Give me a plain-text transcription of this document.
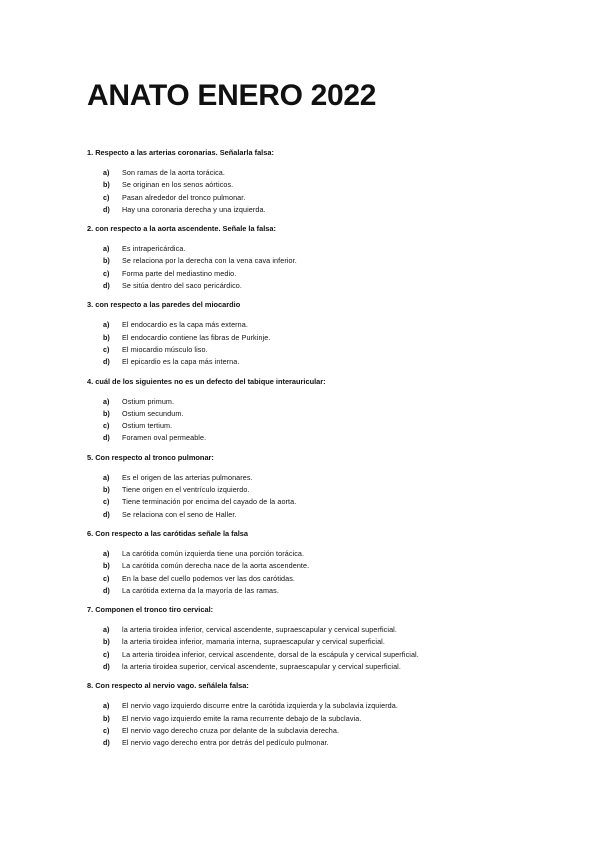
ANATO ENERO 2022
1. Respecto a las arterias coronarias. Señalarla falsa:
a) Son ramas de la aorta torácica.
b) Se originan en los senos aórticos.
c) Pasan alrededor del tronco pulmonar.
d) Hay una coronaria derecha y una izquierda.
2. con respecto a la aorta ascendente. Señale la falsa:
a) Es intrapericárdica.
b) Se relaciona por la derecha con la vena cava inferior.
c) Forma parte del mediastino medio.
d) Se sitúa dentro del saco pericárdico.
3. con respecto a las paredes del miocardio
a) El endocardio es la capa más externa.
b) El endocardio contiene las fibras de Purkinje.
c) El miocardio músculo liso.
d) El epicardio es la capa más interna.
4. cuál de los siguientes no es un defecto del tabique interauricular:
a) Ostium primum.
b) Ostium secundum.
c) Ostium tertium.
d) Foramen oval permeable.
5. Con respecto al tronco pulmonar:
a) Es el origen de las arterias pulmonares.
b) Tiene origen en el ventrículo izquierdo.
c) Tiene terminación por encima del cayado de la aorta.
d) Se relaciona con el seno de Haller.
6. Con respecto a las carótidas señale la falsa
a) La carótida común izquierda tiene una porción torácica.
b) La carótida común derecha nace de la aorta ascendente.
c) En la base del cuello podemos ver las dos carótidas.
d) La carótida externa da la mayoría de las ramas.
7. Componen el tronco tiro cervical:
a) la arteria tiroidea inferior, cervical ascendente, supraescapular y cervical superficial.
b) la arteria tiroidea inferior, mamaria interna, supraescapular y cervical superficial.
c) La arteria tiroidea inferior, cervical ascendente, dorsal de la escápula y cervical superficial.
d) la arteria tiroidea superior, cervical ascendente, supraescapular y cervical superficial.
8. Con respecto al nervio vago. señálela falsa:
a) El nervio vago izquierdo discurre entre la carótida izquierda y la subclavia izquierda.
b) El nervio vago izquierdo emite la rama recurrente debajo de la subclavia.
c) El nervio vago derecho cruza por delante de la subclavia derecha.
d) El nervio vago derecho entra por detrás del pedículo pulmonar.
